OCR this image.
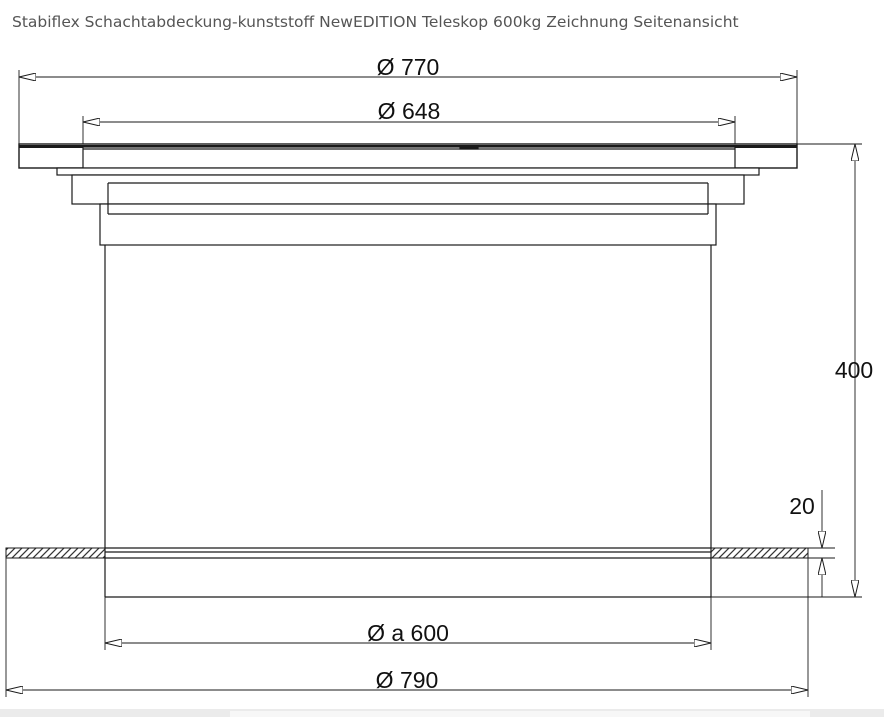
Stabiflex Schachtabdeckung-kunststoff NewEDITION Teleskop 600kg Zeichnung Seitenansicht
Ø 770
Ø 648
Ø a 600
Ø 790
400
20
